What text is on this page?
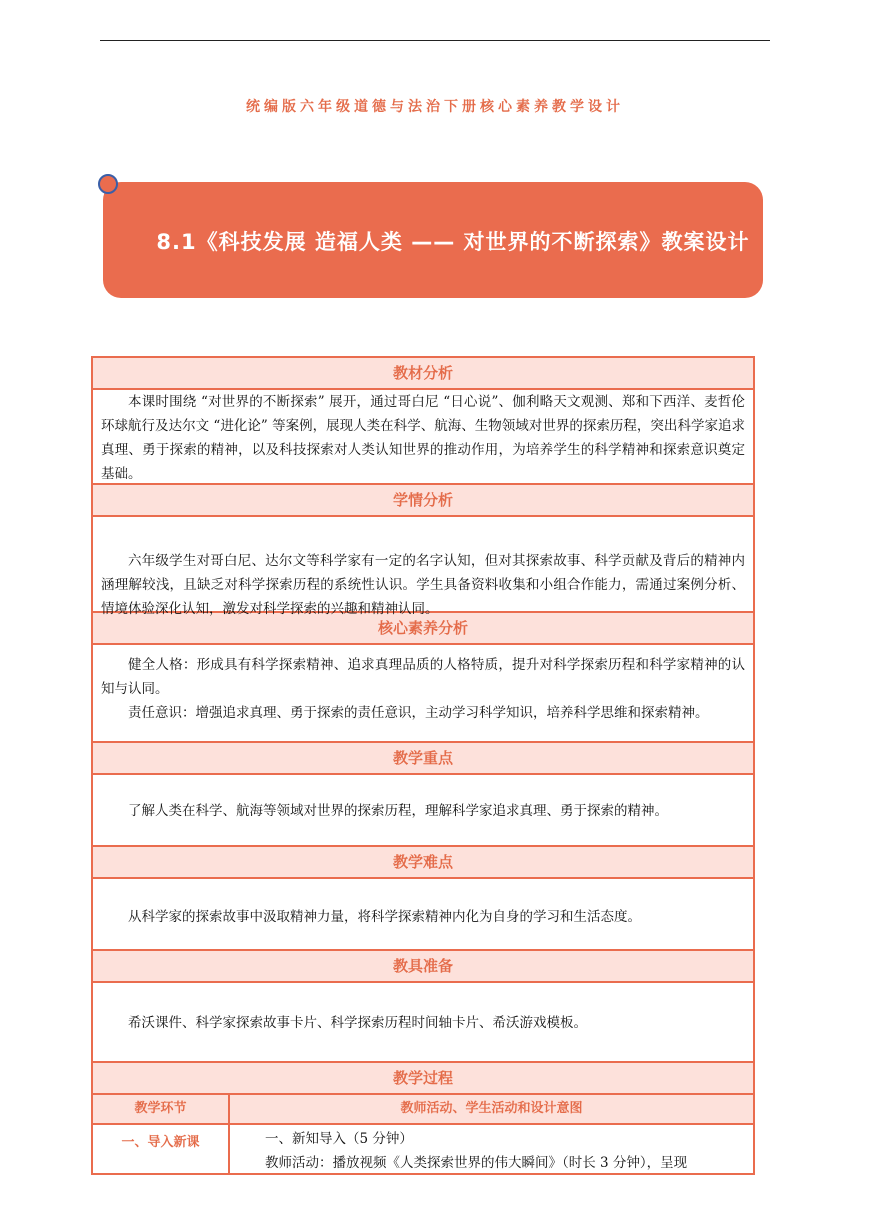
统编版六年级道德与法治下册核心素养教学设计
8.1《科技发展 造福人类 —— 对世界的不断探索》教案设计
教材分析

本课时围绕 “对世界的不断探索” 展开，通过哥白尼 “日心说”、伽利略天文观测、郑和下西洋、麦哲伦环球航行及达尔文 “进化论” 等案例，展现人类在科学、航海、生物领域对世界的探索历程，突出科学家追求真理、勇于探索的精神，以及科技探索对人类认知世界的推动作用，为培养学生的科学精神和探索意识奠定基础。

学情分析

六年级学生对哥白尼、达尔文等科学家有一定的名字认知，但对其探索故事、科学贡献及背后的精神内涵理解较浅，且缺乏对科学探索历程的系统性认识。学生具备资料收集和小组合作能力，需通过案例分析、情境体验深化认知，激发对科学探索的兴趣和精神认同。

核心素养分析

健全人格：形成具有科学探索精神、追求真理品质的人格特质，提升对科学探索历程和科学家精神的认知与认同。

责任意识：增强追求真理、勇于探索的责任意识，主动学习科学知识，培养科学思维和探索精神。

教学重点

了解人类在科学、航海等领域对世界的探索历程，理解科学家追求真理、勇于探索的精神。

教学难点

从科学家的探索故事中汲取精神力量，将科学探索精神内化为自身的学习和生活态度。

教具准备

希沃课件、科学家探索故事卡片、科学探索历程时间轴卡片、希沃游戏模板。

教学过程
教学环节	教师活动、学生活动和设计意图
一、导入新课	一、新知导入（5 分钟）

教师活动：播放视频《人类探索世界的伟大瞬间》（时长 3 分钟），呈现
